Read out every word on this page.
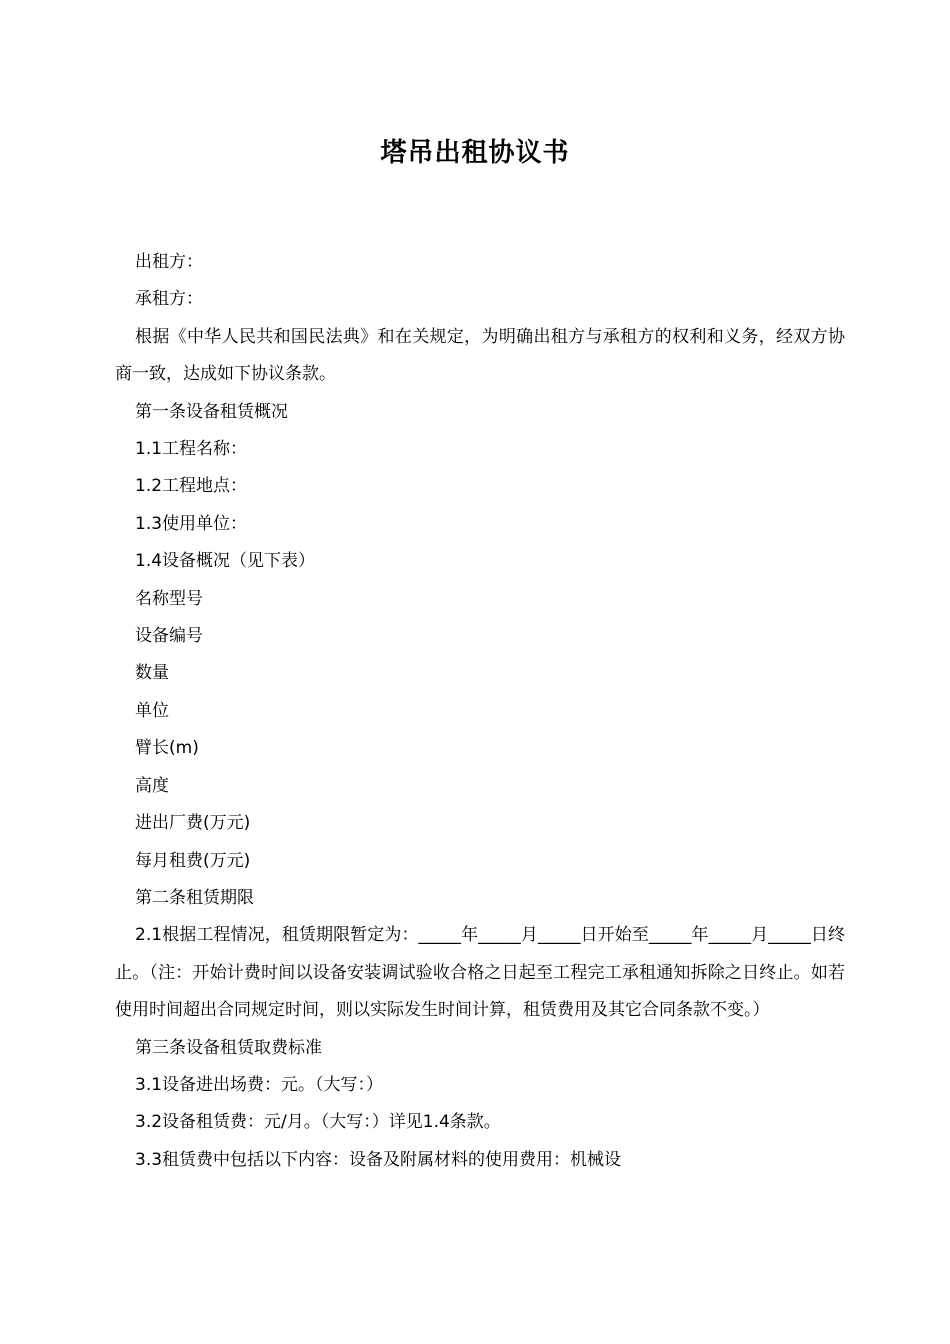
塔吊出租协议书

出租方：

承租方：

根据《中华人民共和国民法典》和在关规定，为明确出租方与承租方的权利和义务，经双方协商一致，达成如下协议条款。

第一条设备租赁概况

1.1工程名称：

1.2工程地点：

1.3使用单位：

1.4设备概况（见下表）

名称型号

设备编号

数量

单位

臂长(m)

高度

进出厂费(万元)

每月租费(万元)

第二条租赁期限

2.1根据工程情况，租赁期限暂定为：_____年_____月_____日开始至_____年_____月_____日终止。（注：开始计费时间以设备安装调试验收合格之日起至工程完工承租通知拆除之日终止。如若使用时间超出合同规定时间，则以实际发生时间计算，租赁费用及其它合同条款不变。）

第三条设备租赁取费标准

3.1设备进出场费：元。（大写：）

3.2设备租赁费：元/月。（大写：）详见1.4条款。

3.3租赁费中包括以下内容：设备及附属材料的使用费用：机械设
